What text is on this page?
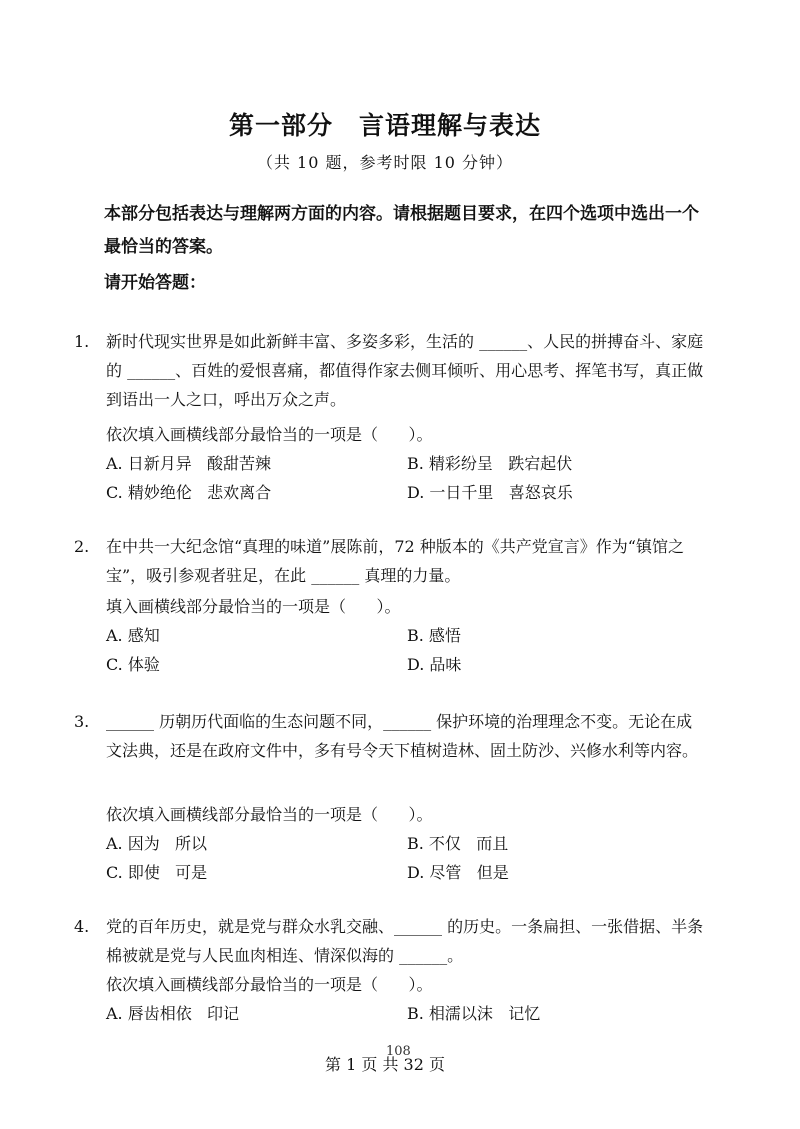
第一部分 言语理解与表达
（共 10 题，参考时限 10 分钟）
本部分包括表达与理解两方面的内容。请根据题目要求，在四个选项中选出一个最恰当的答案。
请开始答题：
1. 新时代现实世界是如此新鲜丰富、多姿多彩，生活的 ______、人民的拼搏奋斗、家庭的 ______、百姓的爱恨喜痛，都值得作家去侧耳倾听、用心思考、挥笔书写，真正做到语出一人之口，呼出万众之声。
依次填入画横线部分最恰当的一项是（      ）。
A. 日新月异   酸甜苦辣	B. 精彩纷呈   跌宕起伏
C. 精妙绝伦   悲欢离合	D. 一日千里   喜怒哀乐
2. 在中共一大纪念馆“真理的味道”展陈前，72 种版本的《共产党宣言》作为“镇馆之宝”，吸引参观者驻足，在此 ______ 真理的力量。
填入画横线部分最恰当的一项是（      ）。
A. 感知	B. 感悟
C. 体验	D. 品味
3. ______ 历朝历代面临的生态问题不同，______ 保护环境的治理理念不变。无论在成文法典，还是在政府文件中，多有号令天下植树造林、固土防沙、兴修水利等内容。
依次填入画横线部分最恰当的一项是（      ）。
A. 因为   所以	B. 不仅   而且
C. 即使   可是	D. 尽管   但是
4. 党的百年历史，就是党与群众水乳交融、______ 的历史。一条扁担、一张借据、半条棉被就是党与人民血肉相连、情深似海的 ______。
依次填入画横线部分最恰当的一项是（      ）。
A. 唇齿相依   印记	B. 相濡以沫   记忆
第 1 页 共 32 页
108
